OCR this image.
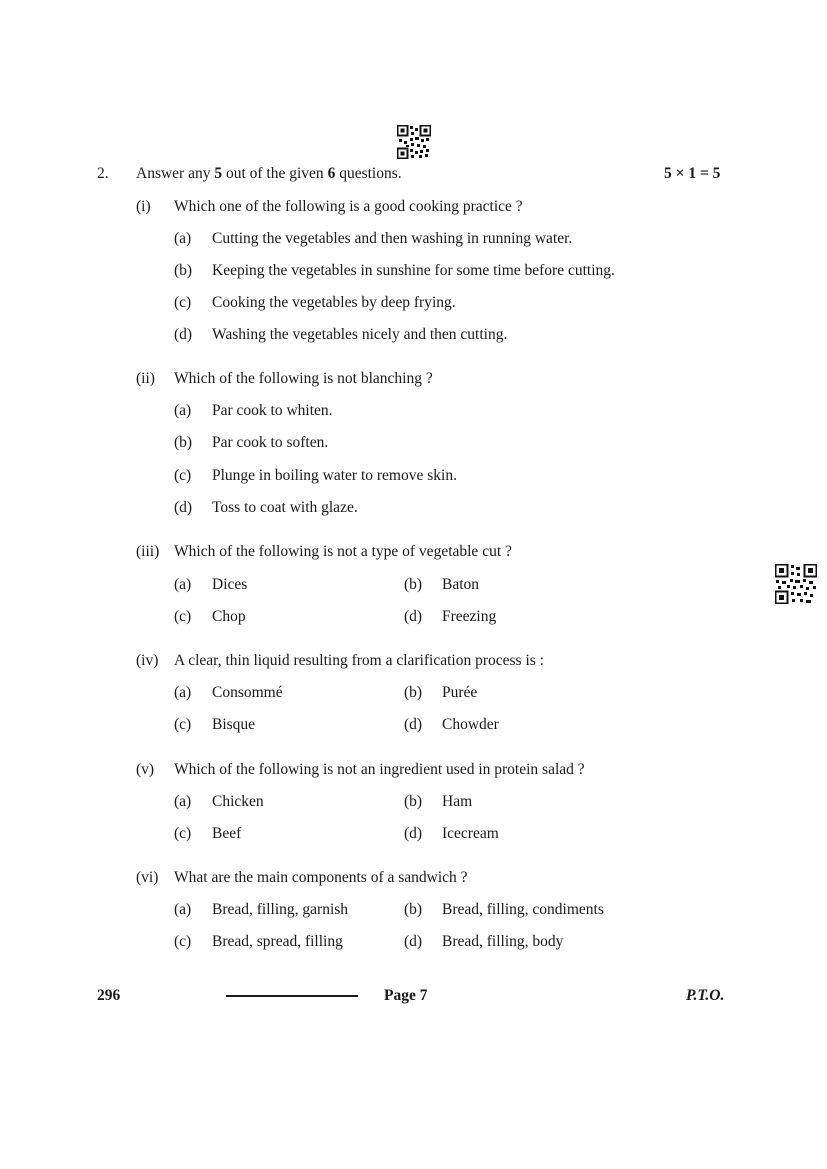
2. Answer any 5 out of the given 6 questions.	5 × 1 = 5
(i) Which one of the following is a good cooking practice ?
(a) Cutting the vegetables and then washing in running water.
(b) Keeping the vegetables in sunshine for some time before cutting.
(c) Cooking the vegetables by deep frying.
(d) Washing the vegetables nicely and then cutting.
(ii) Which of the following is not blanching ?
(a) Par cook to whiten.
(b) Par cook to soften.
(c) Plunge in boiling water to remove skin.
(d) Toss to coat with glaze.
(iii) Which of the following is not a type of vegetable cut ?
(a) Dices	(b) Baton
(c) Chop	(d) Freezing
(iv) A clear, thin liquid resulting from a clarification process is :
(a) Consommé	(b) Purée
(c) Bisque	(d) Chowder
(v) Which of the following is not an ingredient used in protein salad ?
(a) Chicken	(b) Ham
(c) Beef	(d) Icecream
(vi) What are the main components of a sandwich ?
(a) Bread, filling, garnish	(b) Bread, filling, condiments
(c) Bread, spread, filling	(d) Bread, filling, body
296	Page 7	P.T.O.
